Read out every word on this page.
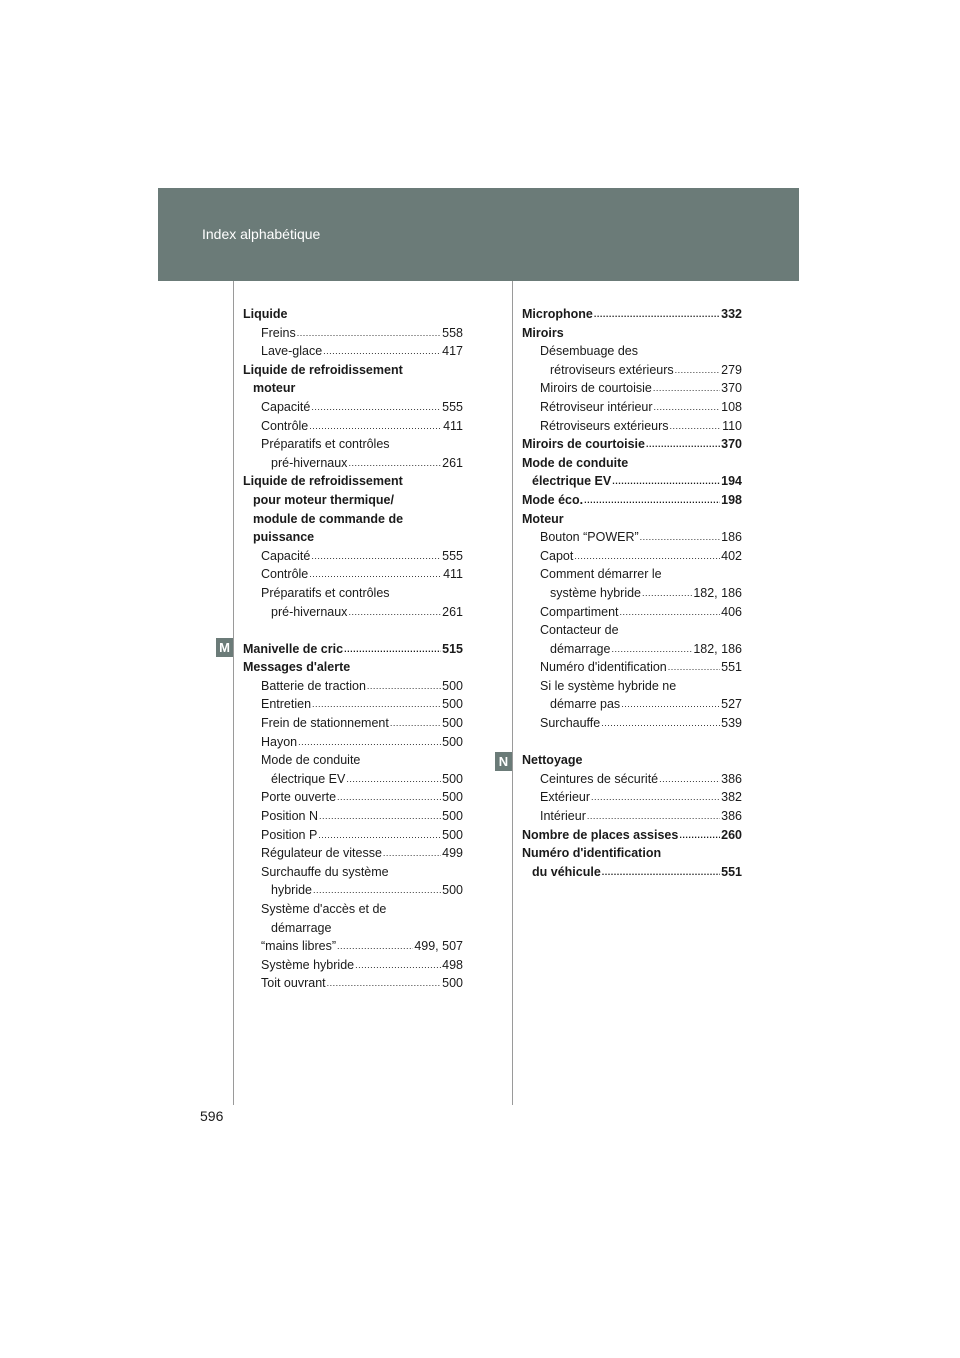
Index alphabétique
M
N
Liquide
Freins .....	558
Lave-glace .....	417
Liquide de refroidissement
moteur
Capacité .....	555
Contrôle .....	411
Préparatifs et contrôles
pré-hivernaux .....	261
Liquide de refroidissement
pour moteur thermique/
module de commande de
puissance
Capacité .....	555
Contrôle .....	411
Préparatifs et contrôles
pré-hivernaux .....	261
Manivelle de cric .....	515
Messages d'alerte
Batterie de traction .....	500
Entretien .....	500
Frein de stationnement .....	500
Hayon .....	500
Mode de conduite
électrique EV .....	500
Porte ouverte .....	500
Position N .....	500
Position P .....	500
Régulateur de vitesse .....	499
Surchauffe du système
hybride .....	500
Système d'accès et de
démarrage
“mains libres” .....	499, 507
Système hybride .....	498
Toit ouvrant .....	500
Microphone .....	332
Miroirs
Désembuage des
rétroviseurs extérieurs .....	279
Miroirs de courtoisie .....	370
Rétroviseur intérieur .....	108
Rétroviseurs extérieurs .....	110
Miroirs de courtoisie .....	370
Mode de conduite
électrique EV .....	194
Mode éco. .....	198
Moteur
Bouton “POWER” .....	186
Capot .....	402
Comment démarrer le
système hybride .....	182, 186
Compartiment .....	406
Contacteur de
démarrage .....	182, 186
Numéro d'identification .....	551
Si le système hybride ne
démarre pas .....	527
Surchauffe .....	539
Nettoyage
Ceintures de sécurité .....	386
Extérieur .....	382
Intérieur .....	386
Nombre de places assises .....	260
Numéro d'identification
du véhicule .....	551
596
